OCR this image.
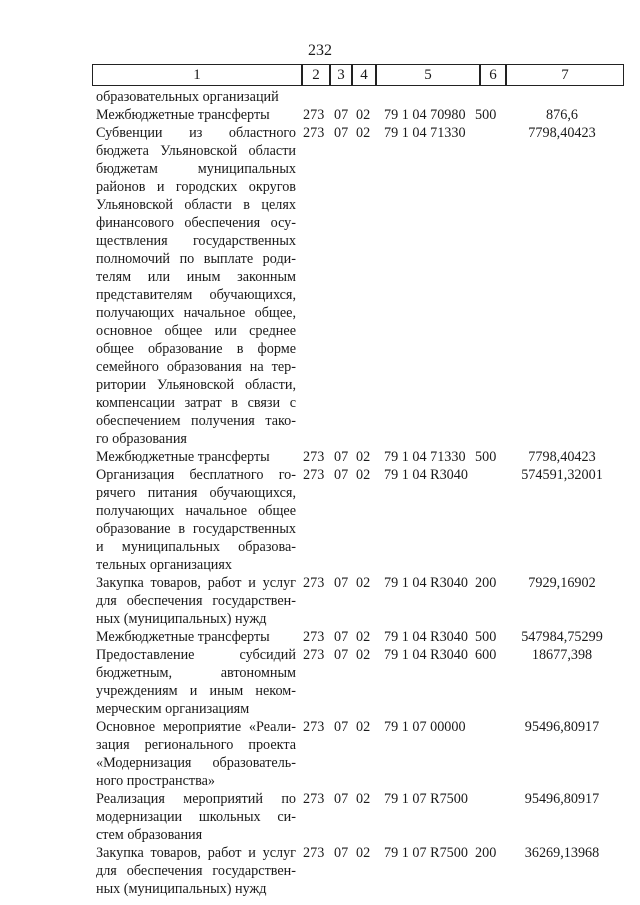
232
1	2	3	4	5	6	7
образовательных организаций
Межбюджетные трансферты	273 07 02 79 1 04 70980 500	876,6
Субвенции из областного
бюджета Ульяновской области
бюджетам муниципальных
районов и городских округов
Ульяновской области в целях
финансового обеспечения осу-
ществления государственных
полномочий по выплате роди-
телям или иным законным
представителям обучающихся,
получающих начальное общее,
основное общее или среднее
общее образование в форме
семейного образования на тер-
ритории Ульяновской области,
компенсации затрат в связи с
обеспечением получения тако-
го образования
273 07 02 79 1 04 71330	7798,40423
Межбюджетные трансферты	273 07 02 79 1 04 71330 500	7798,40423
Организация бесплатного го-
рячего питания обучающихся,
получающих начальное общее
образование в государственных
и муниципальных образова-
тельных организациях
273 07 02 79 1 04 R3040	574591,32001
Закупка товаров, работ и услуг
для обеспечения государствен-
ных (муниципальных) нужд
273 07 02 79 1 04 R3040 200	7929,16902
Межбюджетные трансферты	273 07 02 79 1 04 R3040 500	547984,75299
Предоставление субсидий
бюджетным, автономным
учреждениям и иным неком-
мерческим организациям
273 07 02 79 1 04 R3040 600	18677,398
Основное мероприятие «Реали-
зация регионального проекта
«Модернизация образователь-
ного пространства»
273 07 02 79 1 07 00000	95496,80917
Реализация мероприятий по
модернизации школьных си-
стем образования
273 07 02 79 1 07 R7500	95496,80917
Закупка товаров, работ и услуг
для обеспечения государствен-
ных (муниципальных) нужд
273 07 02 79 1 07 R7500 200	36269,13968
